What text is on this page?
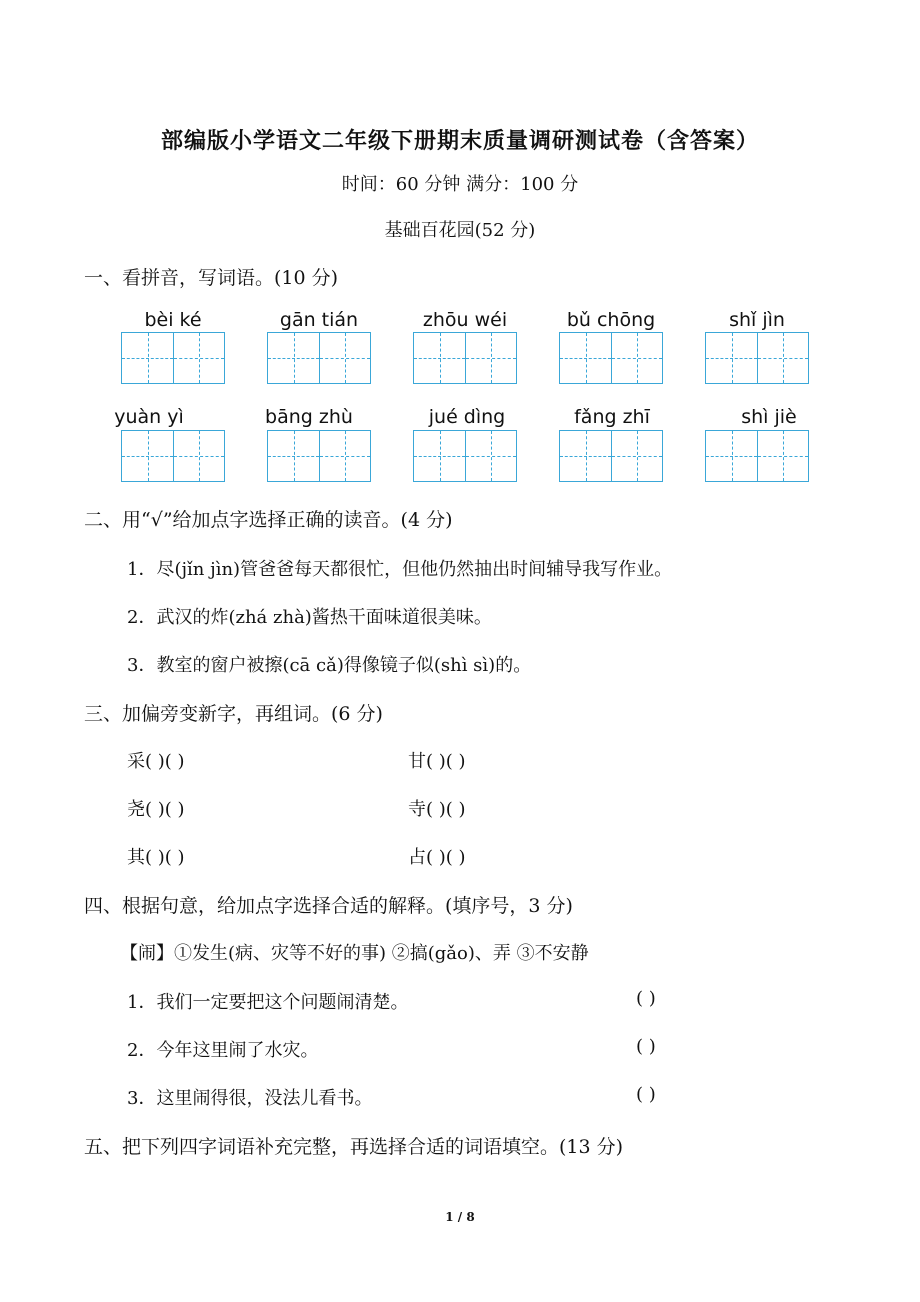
部编版小学语文二年级下册期末质量调研测试卷（含答案）
时间：60 分钟 满分：100 分
基础百花园(52 分)
一、看拼音，写词语。(10 分)
bèi ké	gān tián	zhōu wéi	bǔ chōng	shǐ jìn
yuàn yì	bāng zhù	jué dìng	fǎng zhī	shì jiè
二、用“√”给加点字选择正确的读音。(4 分)
1．尽(jǐn jìn)管爸爸每天都很忙，但他仍然抽出时间辅导我写作业。
2．武汉的炸(zhá zhà)酱热干面味道很美味。
3．教室的窗户被擦(cā cǎ)得像镜子似(shì sì)的。
三、加偏旁变新字，再组词。(6 分)
采( )( )	甘( )( )
尧( )( )	寺( )( )
其( )( )	占( )( )
四、根据句意，给加点字选择合适的解释。(填序号，3 分)
【闹】①发生(病、灾等不好的事) ②搞(gǎo)、弄 ③不安静
1．我们一定要把这个问题闹清楚。	( )
2．今年这里闹了水灾。	( )
3．这里闹得很，没法儿看书。	( )
五、把下列四字词语补充完整，再选择合适的词语填空。(13 分)
1 / 8
